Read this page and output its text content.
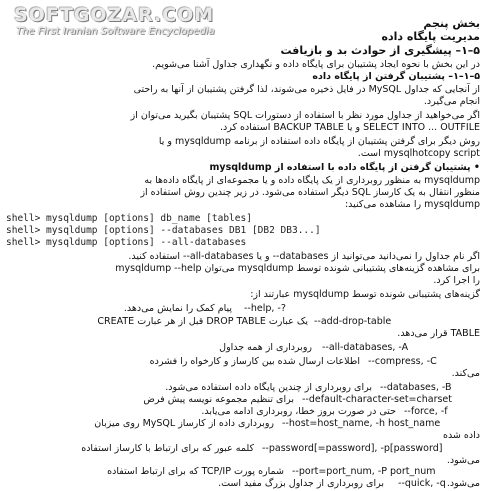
SOFTGOZAR.COM
The First Iranian Software Encyclopedia
بخش پنجم
مدیریت پایگاه داده
۵–۱– پیشگیری از حوادث بد و بازیافت
در این بخش با نحوه ایجاد پشتیبان برای پایگاه داده و نگهداری جداول آشنا می‌شویم.
۵–۱–۱– پشتیبان گرفتن از پایگاه داده
از آنجایی که جداول MySQL در فایل ذخیره می‌شوند، لذا گرفتن پشتیبان از آنها به راحتی
انجام می‌گیرد.
اگر می‌خواهید از جداول مورد نظر با استفاده از دستورات SQL پشتیبان بگیرید می‌توان از
SELECT INTO ... OUTFILE و یا BACKUP TABLE استفاده کرد.
روش دیگر برای گرفتن پشتیبان از پایگاه داده استفاده از برنامه mysqldump و یا
mysqlhotcopy script است.
• پشتیبان گرفتن از پایگاه داده با استفاده از mysqldump
mysqldump به منظور روبرداری از یک پایگاه داده و یا مجموعه‌ای از پایگاه داده‌ها به
منظور انتقال به یک کارساز SQL دیگر استفاده می‌شود. در زیر چندین روش استفاده از
mysqldump را مشاهده می‌کنید:
shell> mysqldump [options] db_name [tables]
shell> mysqldump [options] --databases DB1 [DB2 DB3...]
shell> mysqldump [options] --all-databases
اگر نام جداول را نمی‌دانید می‌توانید از databases-- و یا all-databases-- استفاده کنید.
برای مشاهده گزینه‌های پشتیبانی شونده توسط mysqldump می‌توان mysqldump --help
را اجرا کرد.
گزینه‌های پشتیبانی شونده توسط mysqldump عبارتند از:
--help, -?
پیام کمک را نمایش می‌دهد.
--add-drop-table
یک عبارت DROP TABLE قبل از هر عبارت CREATE
TABLE قرار می‌دهد.
--all-databases, -A
روبرداری از همه جداول
--compress, -C
اطلاعات ارسال شده بین کارساز و کارخواه را فشرده
می‌کند.
--databases, -B
برای روبرداری از چندین پایگاه داده استفاده می‌شود.
--default-character-set=charset
برای تنظیم مجموعه نویسه پیش فرض
--force, -f
حتی در صورت بروز خطا، روبرداری ادامه می‌یابد.
--host=host_name, -h host_name
روبرداری داده از کارساز MySQL روی میزبان
داده شده
--password[=password], -p[password]
کلمه عبور که برای ارتباط با کارساز استفاده
می‌شود.
--port=port_num, -P port_num
شماره پورت TCP/IP که برای ارتباط استفاده
می‌شود.
--quick, -q
برای روبرداری از جداول بزرگ مفید است.
